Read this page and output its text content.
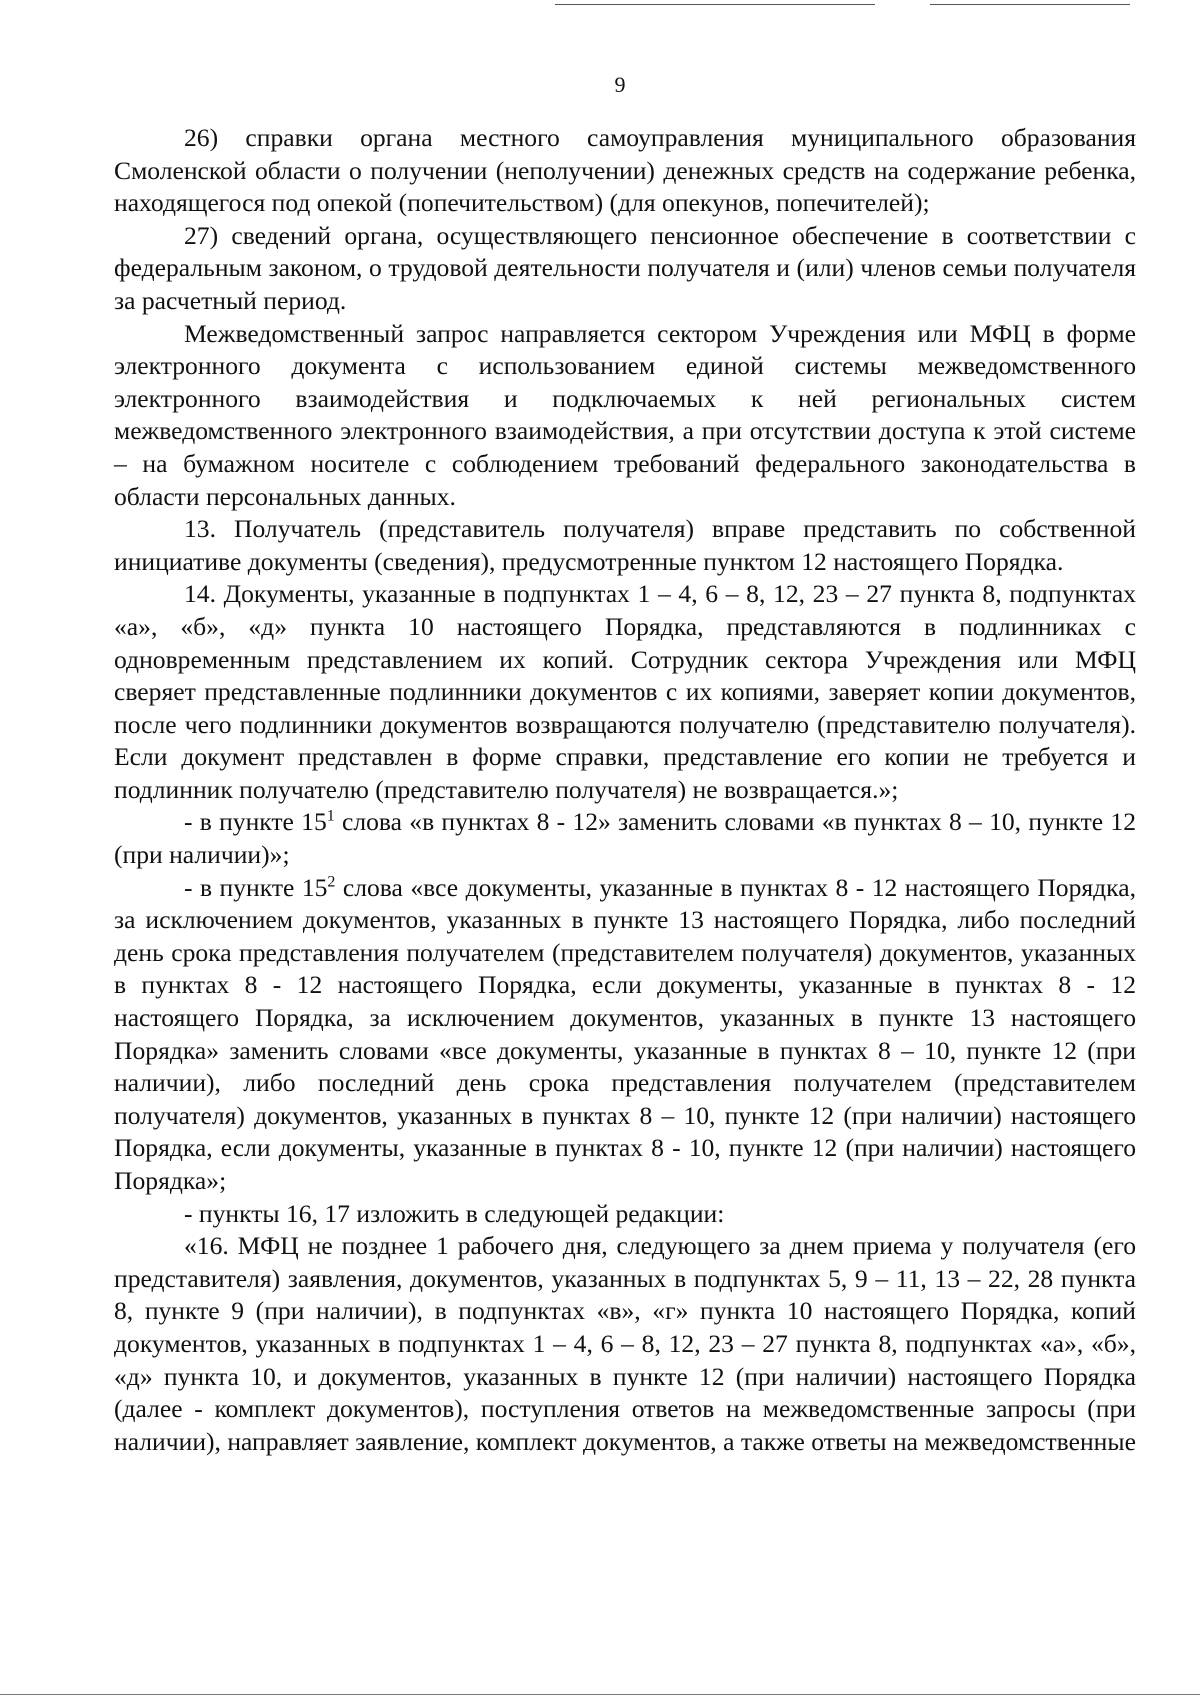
9

26) справки органа местного самоуправления муниципального образования Смоленской области о получении (неполучении) денежных средств на содержание ребенка, находящегося под опекой (попечительством) (для опекунов, попечителей);

27) сведений органа, осуществляющего пенсионное обеспечение в соответствии с федеральным законом, о трудовой деятельности получателя и (или) членов семьи получателя за расчетный период.

Межведомственный запрос направляется сектором Учреждения или МФЦ в форме электронного документа с использованием единой системы межведомственного электронного взаимодействия и подключаемых к ней региональных систем межведомственного электронного взаимодействия, а при отсутствии доступа к этой системе – на бумажном носителе с соблюдением требований федерального законодательства в области персональных данных.

13. Получатель (представитель получателя) вправе представить по собственной инициативе документы (сведения), предусмотренные пунктом 12 настоящего Порядка.

14. Документы, указанные в подпунктах 1 – 4, 6 – 8, 12, 23 – 27 пункта 8, подпунктах «а», «б», «д» пункта 10 настоящего Порядка, представляются в подлинниках с одновременным представлением их копий. Сотрудник сектора Учреждения или МФЦ сверяет представленные подлинники документов с их копиями, заверяет копии документов, после чего подлинники документов возвращаются получателю (представителю получателя). Если документ представлен в форме справки, представление его копии не требуется и подлинник получателю (представителю получателя) не возвращается.»;

- в пункте $15^1$ слова «в пунктах 8 - 12» заменить словами «в пунктах 8 – 10, пункте 12 (при наличии)»;

- в пункте $15^2$ слова «все документы, указанные в пунктах 8 - 12 настоящего Порядка, за исключением документов, указанных в пункте 13 настоящего Порядка, либо последний день срока представления получателем (представителем получателя) документов, указанных в пунктах 8 - 12 настоящего Порядка, если документы, указанные в пунктах 8 - 12 настоящего Порядка, за исключением документов, указанных в пункте 13 настоящего Порядка» заменить словами «все документы, указанные в пунктах 8 – 10, пункте 12 (при наличии), либо последний день срока представления получателем (представителем получателя) документов, указанных в пунктах 8 – 10, пункте 12 (при наличии) настоящего Порядка, если документы, указанные в пунктах 8 - 10, пункте 12 (при наличии) настоящего Порядка»;

- пункты 16, 17 изложить в следующей редакции:

«16. МФЦ не позднее 1 рабочего дня, следующего за днем приема у получателя (его представителя) заявления, документов, указанных в подпунктах 5, 9 – 11, 13 – 22, 28 пункта 8, пункте 9 (при наличии), в подпунктах «в», «г» пункта 10 настоящего Порядка, копий документов, указанных в подпунктах 1 – 4, 6 – 8, 12, 23 – 27 пункта 8, подпунктах «а», «б», «д» пункта 10, и документов, указанных в пункте 12 (при наличии) настоящего Порядка (далее - комплект документов), поступления ответов на межведомственные запросы (при наличии), направляет заявление, комплект документов, а также ответы на межведомственные
